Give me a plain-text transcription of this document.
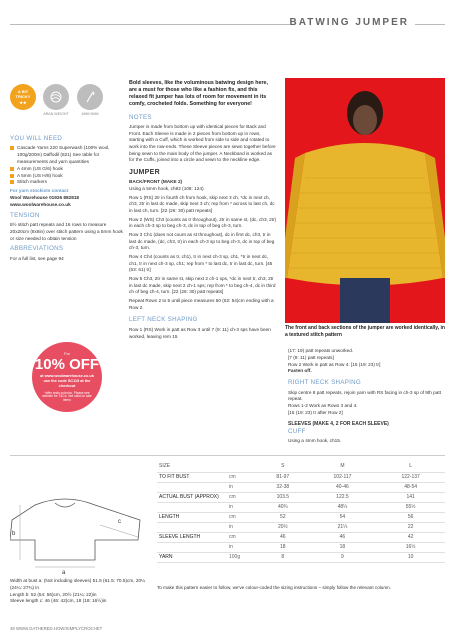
BATWING JUMPER
A BIT
TRICKY
★★
ARAN WEIGHT	4MM 5MM
YOU WILL NEED

Cascade Yarns 220 Superwash (100% wool, 100g/200m) Daffodil (821) See table for measurements and yarn quantities

A 4mm (US G/6) hook

A 5mm (US H/8) hook

Stitch markers

For yarn stockists contact

Wool Warehouse 01926 882818

www.woolwarehouse.co.uk

TENSION

8½ stitch patt repeats and 16 rows to measure 20x20cm (8x8in) over stitch pattern using a 5mm hook or size needed to obtain tension

ABBREVIATIONS

For a full list, see page 94

For
10% OFF
at www.woolwarehouse.co.uk use the code SC115 at the checkout
*offer ends xx/xx/xx. Please see website for T&Cs. Not valid on sale items

Bold sleeves, like the voluminous batwing design here, are a must for those who like a fashion fix, and this relaxed fit jumper has lots of room for movement in its comfy, crocheted folds. Something for everyone!

NOTES

Jumper is made from bottom up with identical pieces for Back and Front. Each Sleeve is made in 2 pieces from bottom up in rows, starting with a Cuff, which is worked from side to side and rotated to work into the row-ends. These Sleeve pieces are sewn together before being sewn to the main body of the jumper. A Neckband is worked as for the Cuffs, joined into a circle and sewn to the neckline edge.

JUMPER

BACK/FRONT (MAKE 2)

Using a 5mm hook, ch92 (108: 124).

Row 1 (RS) 2tr in fourth ch from hook, skip next 3 ch, *dc in next ch, ch3, 2tr in last dc made, skip next 3 ch; rep from * across to last ch, dc in last ch, turn. [22 (26: 30) patt repeats]

Row 2 (WS) Ch3 (counts as tr throughout), 2tr in same st, (dc, ch3, 2tr) in each ch-3 sp to beg ch-3, dc in top of beg ch-3, turn.

Row 3 Ch1 (does not count as st throughout), dc in first dc, ch3, tr in last dc made, (dc, ch3, tr) in each ch-3 sp to beg ch-3, dc in top of beg ch-3, turn.

Row 4 Ch4 (counts as tr, ch1), tr in next ch-3 sp, ch1, *tr in next dc, ch1, tr in next ch-3 sp, ch1; rep from * to last dc, tr in last dc, turn. [45 (53: 61) tr]

Row 5 Ch3, 2tr in same st, skip next 2 ch-1 sps, *dc in next tr, ch3, 2tr in last dc made, skip next 2 ch-1 sps; rep from * to beg ch-4, dc in third ch of beg ch-4, turn. [22 (26: 30) patt repeats]

Repeat Rows 2 to 5 until piece measures 50 (52: 54)cm ending with a Row 2.

LEFT NECK SHAPING

Row 1 (RS) Work in patt as Row 3 until 7 (9: 11) ch-3 sps have been worked, leaving rem 15

The front and back sections of the jumper are worked identically, in a textured stitch pattern

(17: 19) patt repeats unworked.

[7 (9: 11) patt repeats]

Row 2 Work in patt as Row 4. [15 (19: 23) tr]

Fasten off.

RIGHT NECK SHAPING

Skip centre 8 patt repeats, rejoin yarn with RS facing in ch-3 sp of 9th patt repeat.

Rows 1-2 Work as Rows 3 and 4.

[15 (19: 23) tr after Row 2]

SLEEVES (MAKE 4, 2 FOR EACH SLEEVE)

CUFF

Using a 4mm hook, ch15.

b
a
c

Width at bust a: (Not including sleeves) 51.5 (61.5: 70.5)cm, 20¼ (24¼: 27¾) in

Length b: 52 (54: 56)cm, 20½ (21¼: 22)in

Sleeve length c: 46 (46: 42)cm, 18 (18: 16½)in

SIZE		S	M	L
TO FIT BUST	cm	81-97	102-117	122-137
	in	32-38	40-46	48-54
ACTUAL BUST (APPROX)	cm	103.5	122.5	141
	in	40¾	48¼	55½
LENGTH	cm	52	54	56
	in	20½	21¼	22
SLEEVE LENGTH	cm	46	46	42
	in	18	18	16½
YARN	100g	8	9	10
To make this pattern easier to follow, we've colour-coded the sizing instructions – simply follow the relevant column.
48 WWW.GATHERED.HOW/SIMPLYCROCHET
